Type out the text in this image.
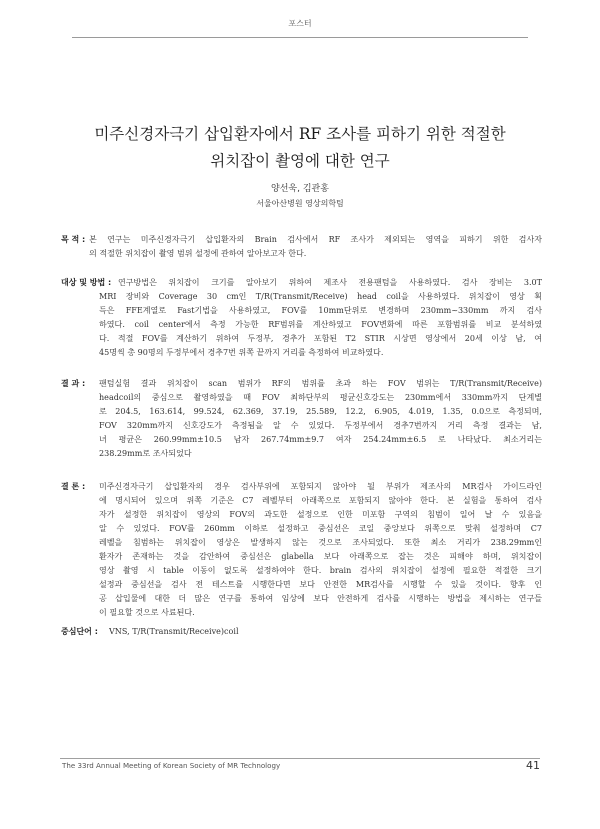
포스터
미주신경자극기 삽입환자에서 RF 조사를 피하기 위한 적절한
위치잡이 촬영에 대한 연구
양선욱, 김관홍
서울아산병원 영상의학팀
목 적 : 본 연구는 미주신경자극기 삽입환자의 Brain 검사에서 RF 조사가 제외되는 영역을 피하기 위한 검사자
의 적절한 위치잡이 촬영 범위 설정에 관하여 알아보고자 한다.
대상 및 방법 : 연구방법은 위치잡이 크기를 알아보기 위하여 제조사 전용팬텀을 사용하였다. 검사 장비는 3.0T
MRI 장비와 Coverage 30 cm인 T/R(Transmit/Receive) head coil을 사용하였다. 위치잡이 영상 획
득은 FFE계열로 Fast기법을 사용하였고, FOV를 10mm단위로 변경하며 230mm~330mm 까지 검사
하였다. coil center에서 측정 가능한 RF범위를 계산하였고 FOV변화에 따른 포함범위를 비교 분석하였
다. 적절 FOV를 계산하기 위하여 두정부, 경추가 포함된 T2 STIR 시상면 영상에서 20세 이상 남, 여
45명씩 총 90명의 두정부에서 경추7번 위쪽 끝까지 거리를 측정하여 비교하였다.
결 과 :	팬텀실험 결과 위치잡이 scan 범위가 RF의 범위를 초과 하는 FOV 범위는 T/R(Transmit/Receive)
headcoil의 중심으로 촬영하였을 때 FOV 최하단부의 평균신호강도는 230mm에서 330mm까지 단계별
로 204.5, 163.614, 99.524, 62.369, 37.19, 25.589, 12.2, 6.905, 4.019, 1.35, 0.0으로 측정되며,
FOV 320mm까지 신호강도가 측정됨을 알 수 있었다. 두정부에서 경추7번까지 거리 측정 결과는 남,
녀 평균은 260.99mm±10.5 남자 267.74mm±9.7 여자 254.24mm±6.5 로 나타났다. 최소거리는
238.29mm로 조사되었다
결 론 :	미주신경자극기 삽입환자의 경우 검사부위에 포함되지 않아야 될 부위가 제조사의 MR검사 가이드라인
에 명시되어 있으며 위쪽 기준은 C7 레벨부터 아래쪽으로 포함되지 않아야 한다. 본 실험을 통하여 검사
자가 설정한 위치잡이 영상의 FOV의 과도한 설정으로 인한 미포함 구역의 침범이 일어 날 수 있음을
알 수 있었다. FOV를 260mm 이하로 설정하고 중심선은 코일 중앙보다 위쪽으로 맞춰 설정하며 C7
레벨을 침범하는 위치잡이 영상은 발생하지 않는 것으로 조사되었다. 또한 최소 거리가 238.29mm인
환자가 존재하는 것을 감안하여 중심선은 glabella 보다 아래쪽으로 잡는 것은 피해야 하며, 위치잡이
영상 촬영 시 table 이동이 없도록 설정하여야 한다. brain 검사의 위치잡이 설정에 필요한 적절한 크기
설정과 중심선을 검사 전 테스트를 시행한다면 보다 안전한 MR검사를 시행할 수 있을 것이다. 향후 인
공 삽입물에 대한 더 많은 연구를 통하여 임상에 보다 안전하게 검사를 시행하는 방법을 제시하는 연구들
이 필요할 것으로 사료된다.
중심단어 :	VNS, T/R(Transmit/Receive)coil
The 33rd Annual Meeting of Korean Society of MR Technology	41
